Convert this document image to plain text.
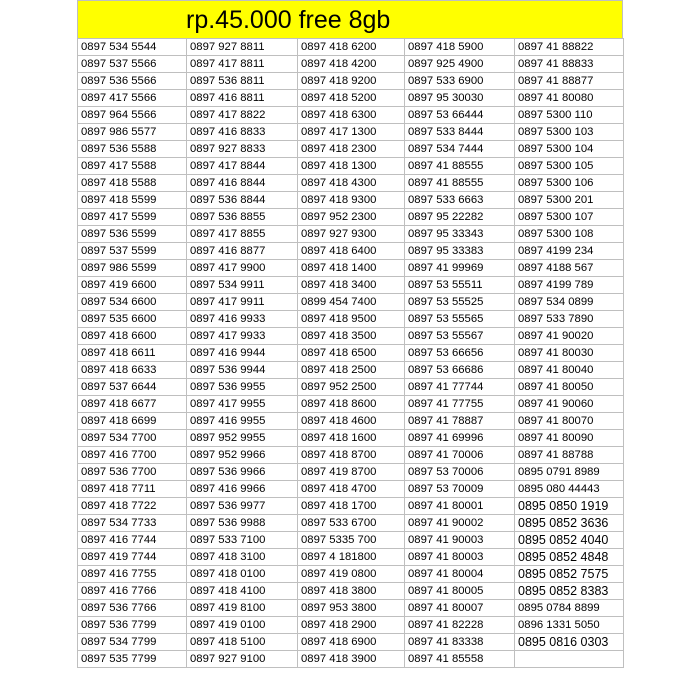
rp.45.000 free 8gb
0897 534 5544	0897 927 8811	0897 418 6200	0897 418 5900	0897 41 88822
0897 537 5566	0897 417 8811	0897 418 4200	0897 925 4900	0897 41 88833
0897 536 5566	0897 536 8811	0897 418 9200	0897 533 6900	0897 41 88877
0897 417 5566	0897 416 8811	0897 418 5200	0897 95 30030	0897 41 80080
0897 964 5566	0897 417 8822	0897 418 6300	0897 53 66444	0897 5300 110
0897 986 5577	0897 416 8833	0897 417 1300	0897 533 8444	0897 5300 103
0897 536 5588	0897 927 8833	0897 418 2300	0897 534 7444	0897 5300 104
0897 417 5588	0897 417 8844	0897 418 1300	0897 41 88555	0897 5300 105
0897 418 5588	0897 416 8844	0897 418 4300	0897 41 88555	0897 5300 106
0897 418 5599	0897 536 8844	0897 418 9300	0897 533 6663	0897 5300 201
0897 417 5599	0897 536 8855	0897 952 2300	0897 95 22282	0897 5300 107
0897 536 5599	0897 417 8855	0897 927 9300	0897 95 33343	0897 5300 108
0897 537 5599	0897 416 8877	0897 418 6400	0897 95 33383	0897 4199 234
0897 986 5599	0897 417 9900	0897 418 1400	0897 41 99969	0897 4188 567
0897 419 6600	0897 534 9911	0897 418 3400	0897 53 55511	0897 4199 789
0897 534 6600	0897 417 9911	0899 454 7400	0897 53 55525	0897 534 0899
0897 535 6600	0897 416 9933	0897 418 9500	0897 53 55565	0897 533 7890
0897 418 6600	0897 417 9933	0897 418 3500	0897 53 55567	0897 41 90020
0897 418 6611	0897 416 9944	0897 418 6500	0897 53 66656	0897 41 80030
0897 418 6633	0897 536 9944	0897 418 2500	0897 53 66686	0897 41 80040
0897 537 6644	0897 536 9955	0897 952 2500	0897 41 77744	0897 41 80050
0897 418 6677	0897 417 9955	0897 418 8600	0897 41 77755	0897 41 90060
0897 418 6699	0897 416 9955	0897 418 4600	0897 41 78887	0897 41 80070
0897 534 7700	0897 952 9955	0897 418 1600	0897 41 69996	0897 41 80090
0897 416 7700	0897 952 9966	0897 418 8700	0897 41 70006	0897 41 88788
0897 536 7700	0897 536 9966	0897 419 8700	0897 53 70006	0895 0791 8989
0897 418 7711	0897 416 9966	0897 418 4700	0897 53 70009	0895 080 44443
0897 418 7722	0897 536 9977	0897 418 1700	0897 41 80001	0895 0850 1919
0897 534 7733	0897 536 9988	0897 533 6700	0897 41 90002	0895 0852 3636
0897 416 7744	0897 533 7100	0897 5335 700	0897 41 90003	0895 0852 4040
0897 419 7744	0897 418 3100	0897 4 181800	0897 41 80003	0895 0852 4848
0897 416 7755	0897 418 0100	0897 419 0800	0897 41 80004	0895 0852 7575
0897 416 7766	0897 418 4100	0897 418 3800	0897 41 80005	0895 0852 8383
0897 536 7766	0897 419 8100	0897 953 3800	0897 41 80007	0895 0784 8899
0897 536 7799	0897 419 0100	0897 418 2900	0897 41 82228	0896 1331 5050
0897 534 7799	0897 418 5100	0897 418 6900	0897 41 83338	0895 0816 0303
0897 535 7799	0897 927 9100	0897 418 3900	0897 41 85558	
